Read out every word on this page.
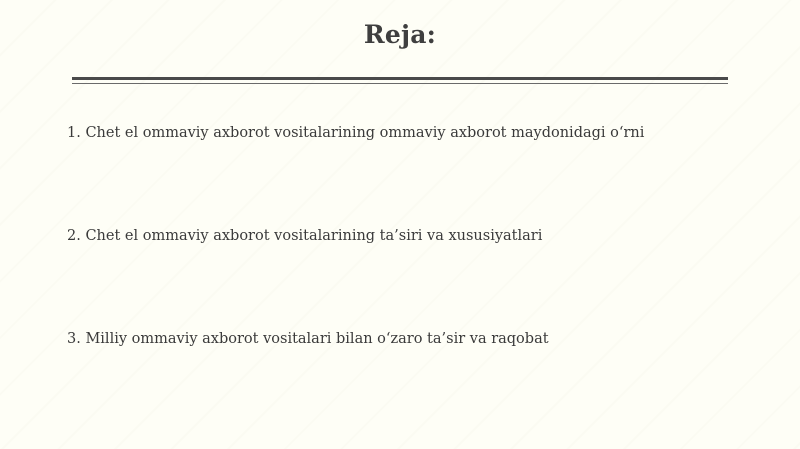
Reja:
1. Chet el ommaviy axborot vositalarining ommaviy axborot maydonidagi o‘rni
2. Chet el ommaviy axborot vositalarining ta’siri va xususiyatlari
3. Milliy ommaviy axborot vositalari bilan o‘zaro ta’sir va raqobat
